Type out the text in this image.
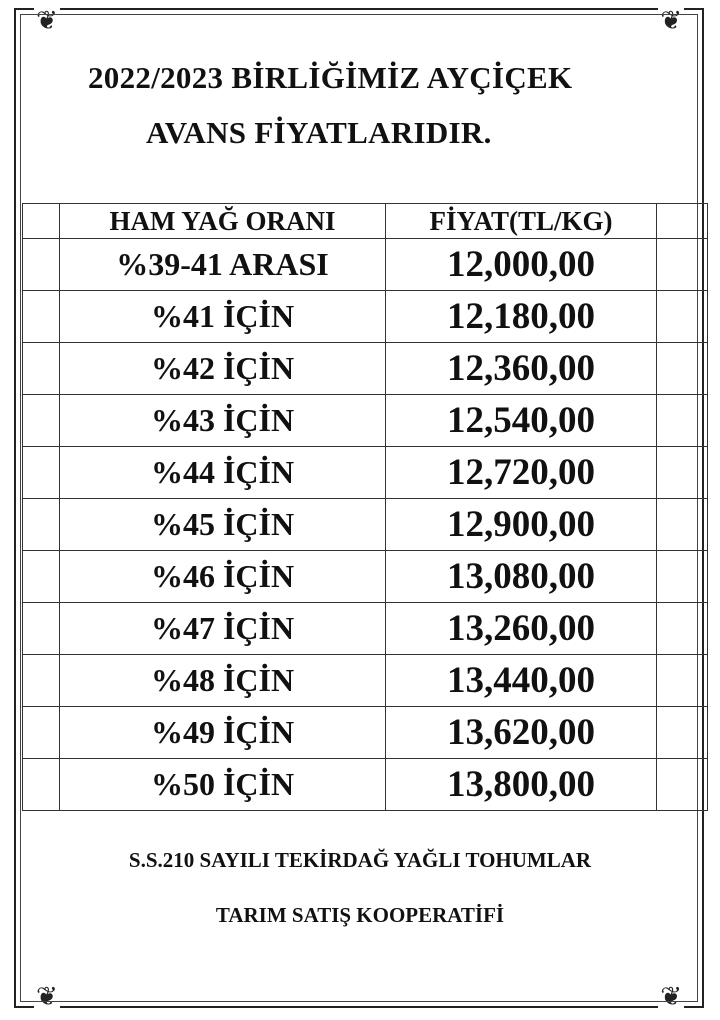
❦	❦
❦	❦
2022/2023 BİRLİĞİMİZ AYÇİÇEK
AVANS FİYATLARIDIR.
	HAM YAĞ ORANI	FİYAT(TL/KG)	
	%39-41 ARASI	12,000,00	
	%41 İÇİN	12,180,00	
	%42 İÇİN	12,360,00	
	%43 İÇİN	12,540,00	
	%44 İÇİN	12,720,00	
	%45 İÇİN	12,900,00	
	%46 İÇİN	13,080,00	
	%47 İÇİN	13,260,00	
	%48 İÇİN	13,440,00	
	%49 İÇİN	13,620,00	
	%50 İÇİN	13,800,00	
S.S.210 SAYILI TEKİRDAĞ YAĞLI TOHUMLAR
TARIM SATIŞ KOOPERATİFİ
